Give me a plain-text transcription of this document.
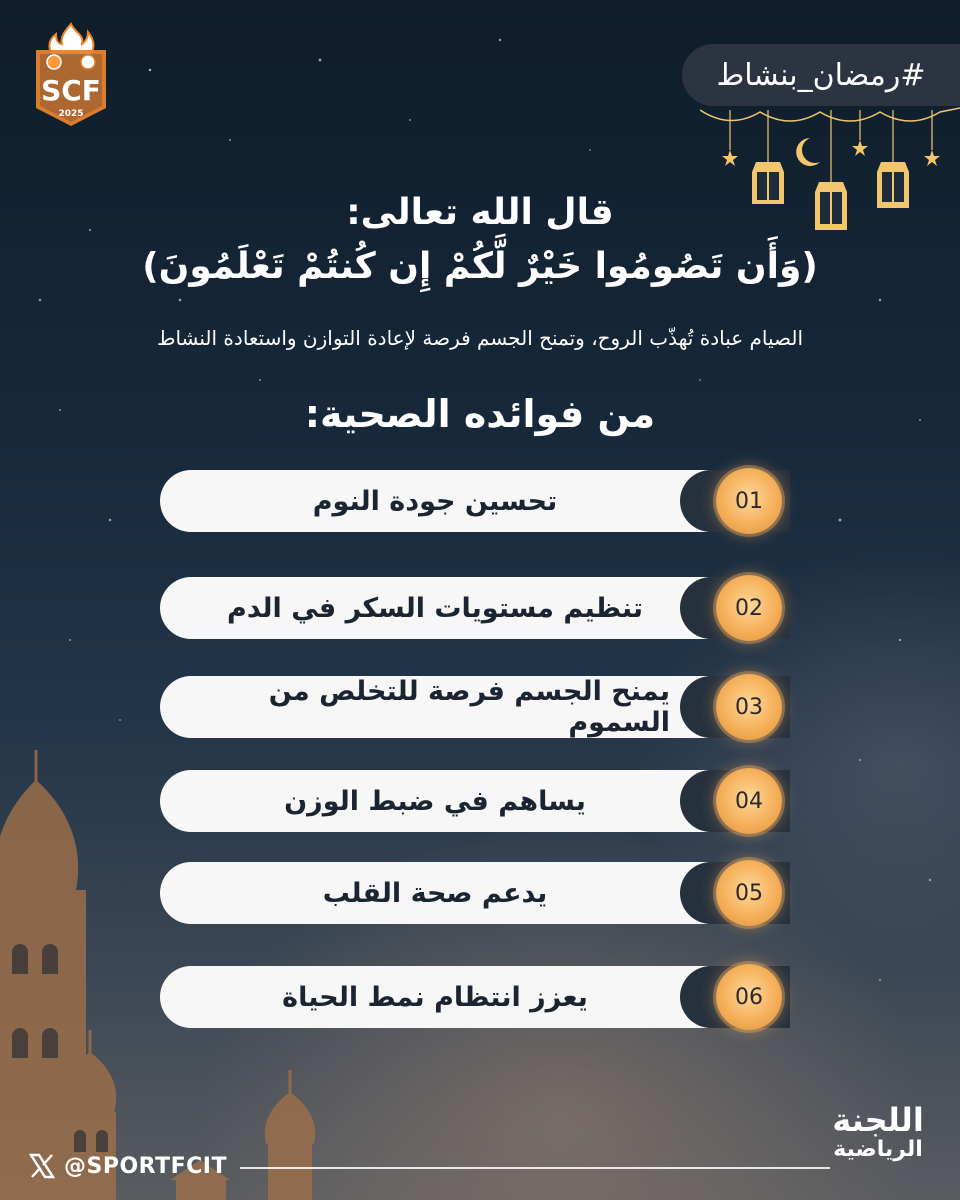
SCF
2025
#رمضان_بنشاط
قال الله تعالى:
(وَأَن تَصُومُوا خَيْرٌ لَّكُمْ إِن كُنتُمْ تَعْلَمُونَ)
الصيام عبادة تُهذّب الروح، وتمنح الجسم فرصة لإعادة التوازن واستعادة النشاط
من فوائده الصحية:
تحسين جودة النوم	01
تنظيم مستويات السكر في الدم	02
يمنح الجسم فرصة للتخلص من السموم	03
يساهم في ضبط الوزن	04
يدعم صحة القلب	05
يعزز انتظام نمط الحياة	06
@SPORTFCIT
اللجنة
الرياضية
